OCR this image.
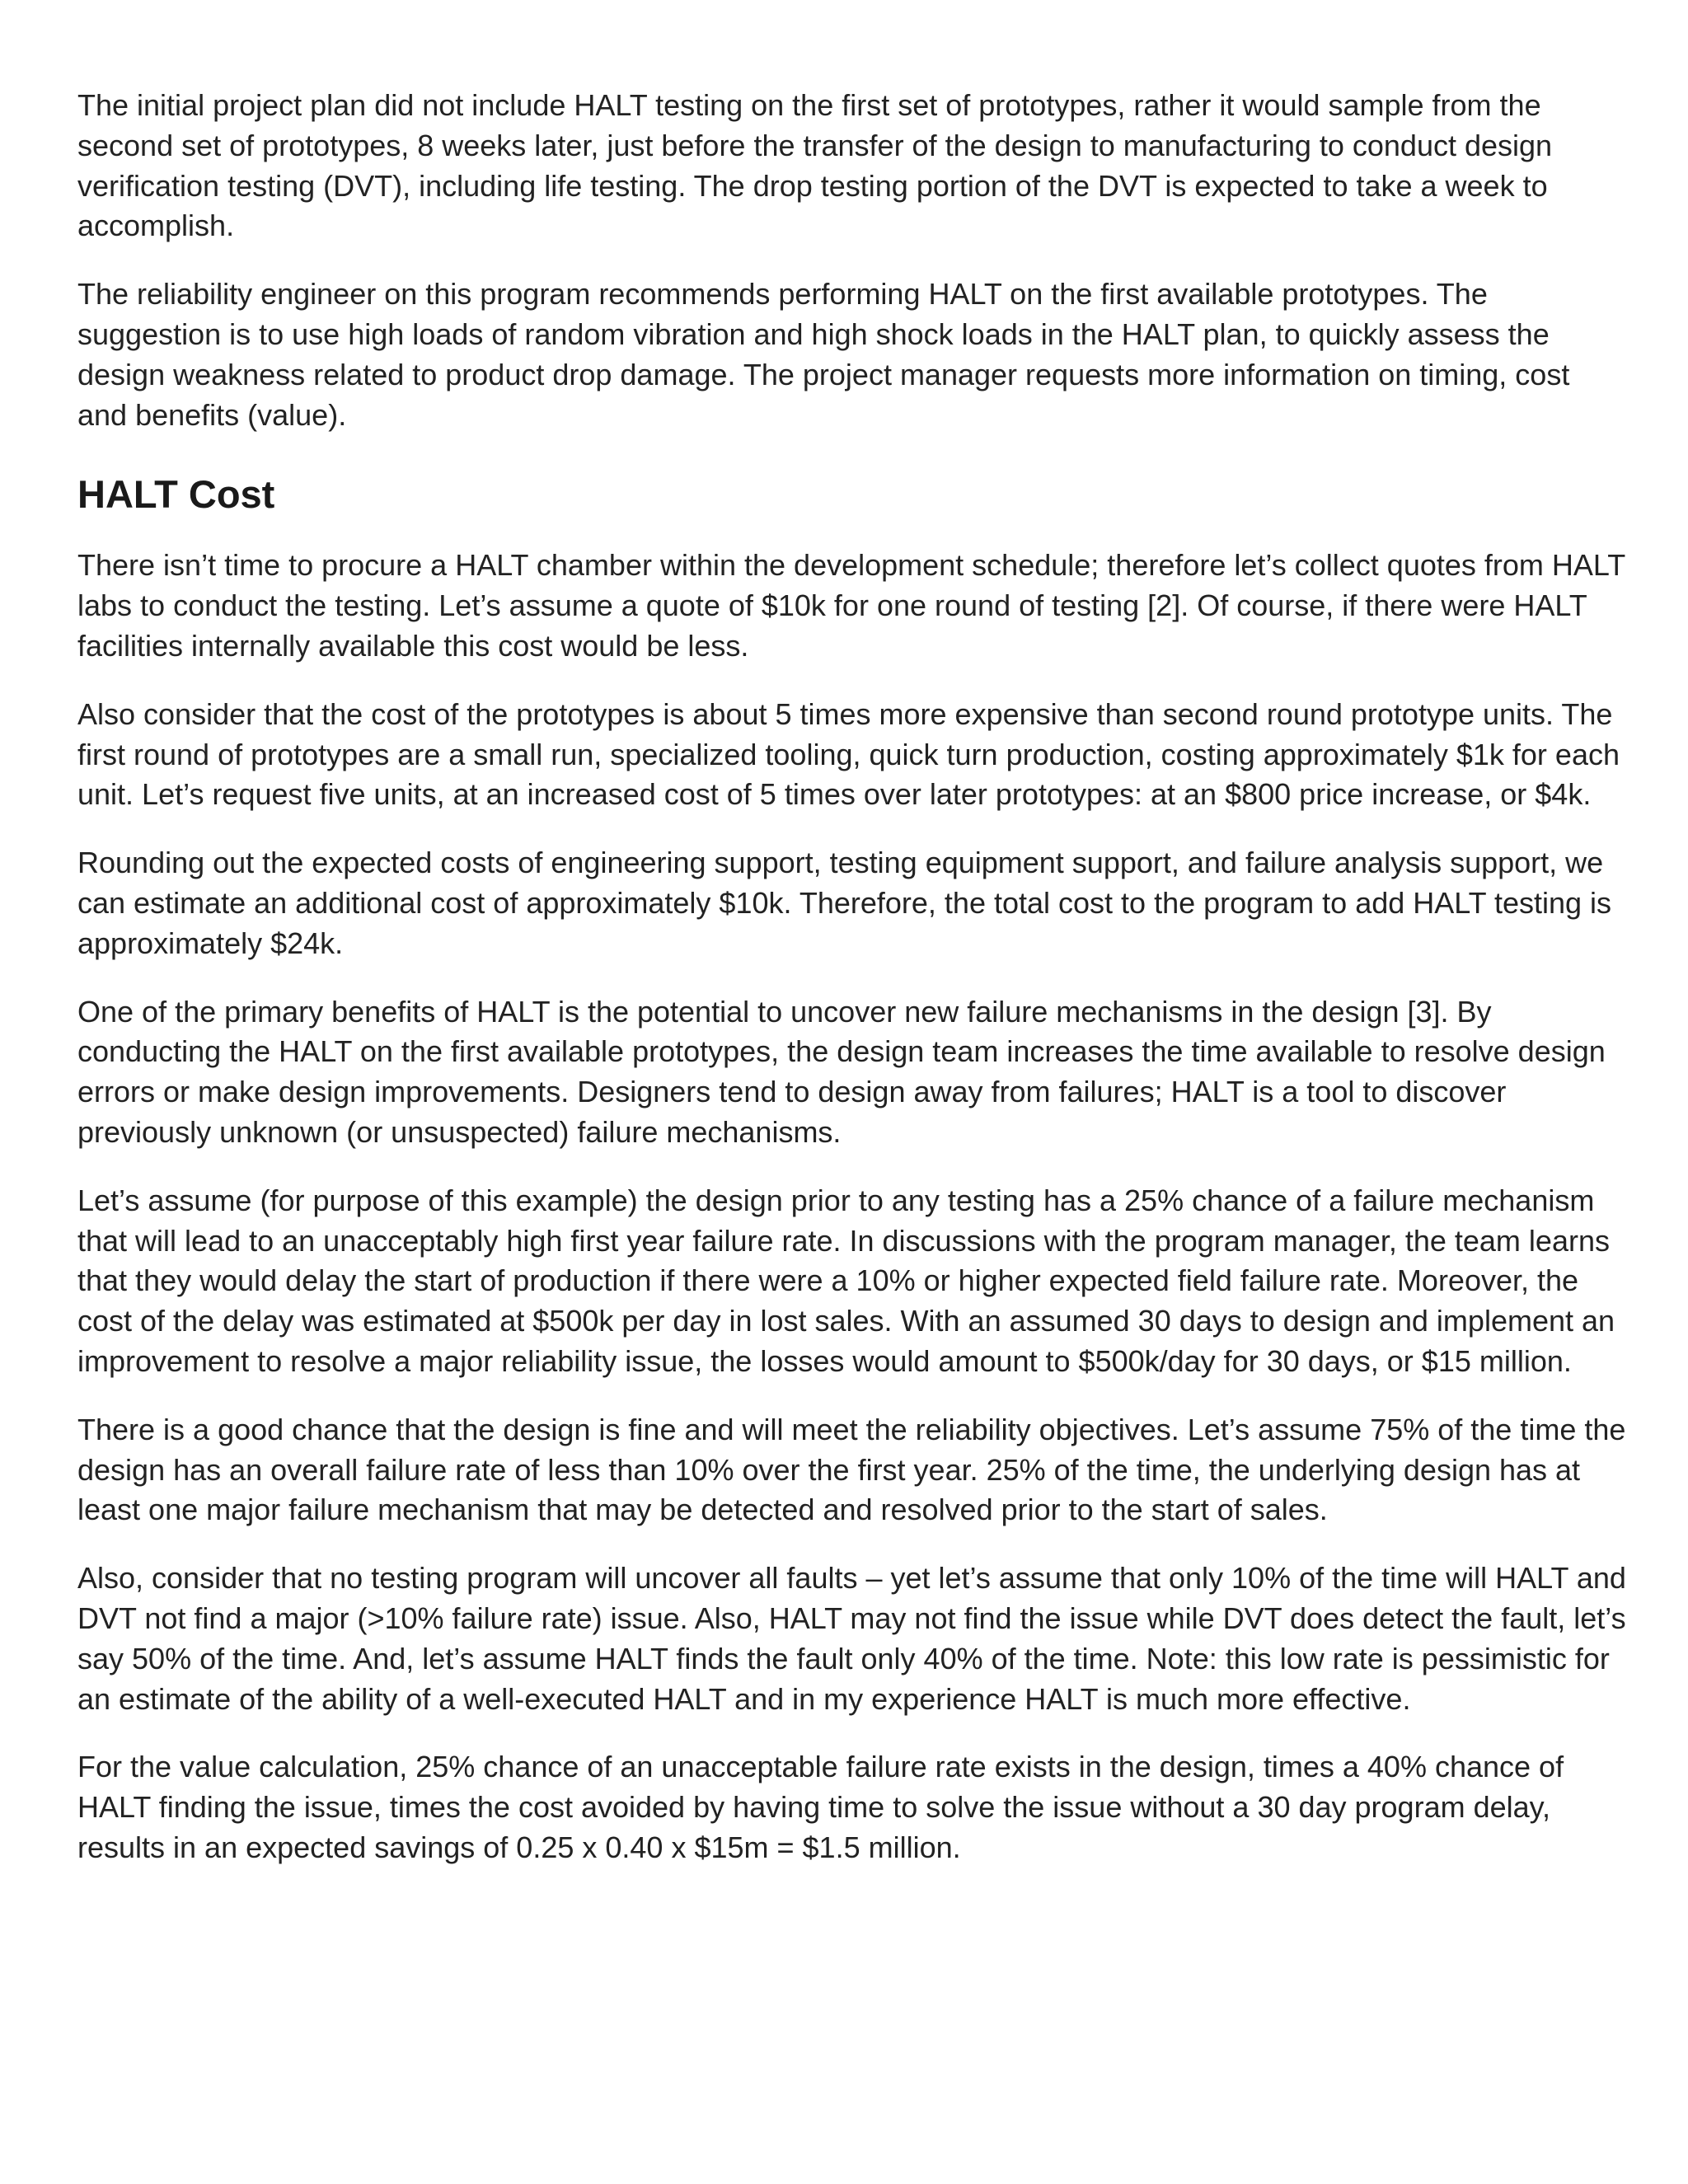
The initial project plan did not include HALT testing on the first set of prototypes, rather it would sample from the second set of prototypes, 8 weeks later, just before the transfer of the design to manufacturing to conduct design verification testing (DVT), including life testing. The drop testing portion of the DVT is expected to take a week to accomplish.

The reliability engineer on this program recommends performing HALT on the first available prototypes. The suggestion is to use high loads of random vibration and high shock loads in the HALT plan, to quickly assess the design weakness related to product drop damage. The project manager requests more information on timing, cost and benefits (value).

HALT Cost

There isn’t time to procure a HALT chamber within the development schedule; therefore let’s collect quotes from HALT labs to conduct the testing. Let’s assume a quote of $10k for one round of testing [2]. Of course, if there were HALT facilities internally available this cost would be less.

Also consider that the cost of the prototypes is about 5 times more expensive than second round prototype units. The first round of prototypes are a small run, specialized tooling, quick turn production, costing approximately $1k for each unit. Let’s request five units, at an increased cost of 5 times over later prototypes: at an $800 price increase, or $4k.

Rounding out the expected costs of engineering support, testing equipment support, and failure analysis support, we can estimate an additional cost of approximately $10k. Therefore, the total cost to the program to add HALT testing is approximately $24k.

One of the primary benefits of HALT is the potential to uncover new failure mechanisms in the design [3]. By conducting the HALT on the first available prototypes, the design team increases the time available to resolve design errors or make design improvements. Designers tend to design away from failures; HALT is a tool to discover previously unknown (or unsuspected) failure mechanisms.

Let’s assume (for purpose of this example) the design prior to any testing has a 25% chance of a failure mechanism that will lead to an unacceptably high first year failure rate. In discussions with the program manager, the team learns that they would delay the start of production if there were a 10% or higher expected field failure rate. Moreover, the cost of the delay was estimated at $500k per day in lost sales. With an assumed 30 days to design and implement an improvement to resolve a major reliability issue, the losses would amount to $500k/day for 30 days, or $15 million.

There is a good chance that the design is fine and will meet the reliability objectives. Let’s assume 75% of the time the design has an overall failure rate of less than 10% over the first year. 25% of the time, the underlying design has at least one major failure mechanism that may be detected and resolved prior to the start of sales.

Also, consider that no testing program will uncover all faults – yet let’s assume that only 10% of the time will HALT and DVT not find a major (>10% failure rate) issue. Also, HALT may not find the issue while DVT does detect the fault, let’s say 50% of the time. And, let’s assume HALT finds the fault only 40% of the time. Note: this low rate is pessimistic for an estimate of the ability of a well-executed HALT and in my experience HALT is much more effective.

For the value calculation, 25% chance of an unacceptable failure rate exists in the design, times a 40% chance of HALT finding the issue, times the cost avoided by having time to solve the issue without a 30 day program delay, results in an expected savings of 0.25 x 0.40 x $15m = $1.5 million.
